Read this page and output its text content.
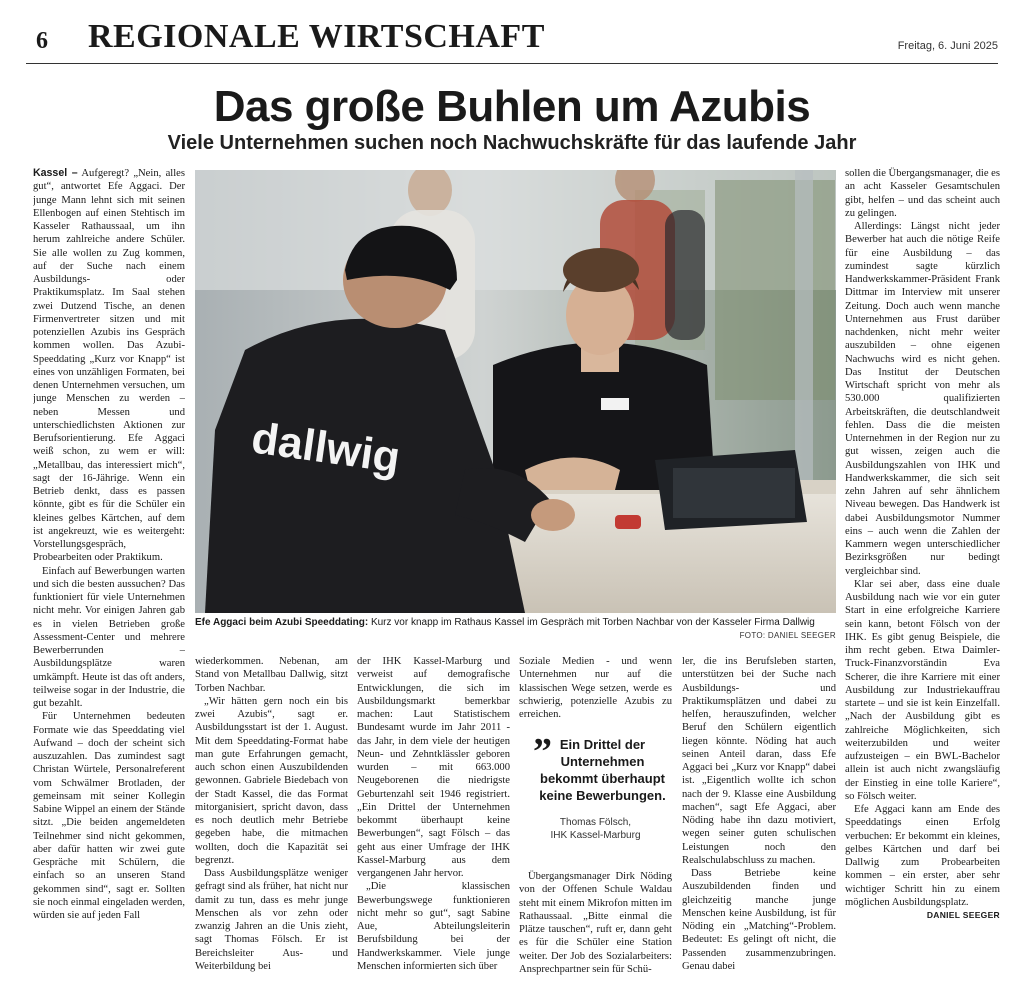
6 REGIONALE WIRTSCHAFT	Freitag, 6. Juni 2025
Das große Buhlen um Azubis
Viele Unternehmen suchen noch Nachwuchskräfte für das laufende Jahr

Kassel – Aufgeregt? „Nein, alles gut“, antwortet Efe Aggaci. Der junge Mann lehnt sich mit seinen Ellenbogen auf einen Stehtisch im Kasseler Rathaussaal, um ihn herum zahlreiche andere Schüler. Sie alle wollen zu Zug kommen, auf der Suche nach einem Ausbildungs- oder Praktikumsplatz. Im Saal stehen zwei Dutzend Tische, an denen Firmenvertreter sitzen und mit potenziellen Azubis ins Gespräch kommen wollen. Das Azubi-Speeddating „Kurz vor Knapp“ ist eines von unzähligen Formaten, bei denen Unternehmen versuchen, um junge Menschen zu werden – neben Messen und unterschiedlichsten Aktionen zur Berufsorientierung. Efe Aggaci weiß schon, zu wem er will: „Metallbau, das interessiert mich“, sagt der 16-Jährige. Wenn ein Betrieb denkt, dass es passen könnte, gibt es für die Schüler ein kleines gelbes Kärtchen, auf dem ist angekreuzt, wie es weitergeht: Vorstellungsgespräch, Probearbeiten oder Praktikum.

Einfach auf Bewerbungen warten und sich die besten aussuchen? Das funktioniert für viele Unternehmen nicht mehr. Vor einigen Jahren gab es in vielen Betrieben große Assessment-Center und mehrere Bewerberrunden – Ausbildungsplätze waren umkämpft. Heute ist das oft anders, teilweise sogar in der Industrie, die gut bezahlt.

Für Unternehmen bedeuten Formate wie das Speeddating viel Aufwand – doch der scheint sich auszuzahlen. Das zumindest sagt Christan Würtele, Personalreferent vom Schwälmer Brotladen, der gemeinsam mit seiner Kollegin Sabine Wippel an einem der Stände sitzt. „Die beiden angemeldeten Teilnehmer sind nicht gekommen, aber dafür hatten wir zwei gute Gespräche mit Schülern, die einfach so an unseren Stand gekommen sind“, sagt er. Sollten sie noch einmal eingeladen werden, würden sie auf jeden Fall

dallwig
Efe Aggaci beim Azubi Speeddating: Kurz vor knapp im Rathaus Kassel im Gespräch mit Torben Nachbar von der Kasseler Firma Dallwig
FOTO: DANIEL SEEGER

wiederkommen. Nebenan, am Stand von Metallbau Dallwig, sitzt Torben Nachbar.

„Wir hätten gern noch ein bis zwei Azubis“, sagt er. Ausbildungsstart ist der 1. August. Mit dem Speeddating-Format habe man gute Erfahrungen gemacht, auch schon einen Auszubildenden gewonnen. Gabriele Biedebach von der Stadt Kassel, die das Format mitorganisiert, spricht davon, dass es noch deutlich mehr Betriebe gegeben habe, die mitmachen wollten, doch die Kapazität sei begrenzt.

Dass Ausbildungsplätze weniger gefragt sind als früher, hat nicht nur damit zu tun, dass es mehr junge Menschen als vor zehn oder zwanzig Jahren an die Unis zieht, sagt Thomas Fölsch. Er ist Bereichsleiter Aus- und Weiterbildung bei

der IHK Kassel-Marburg und verweist auf demografische Entwicklungen, die sich im Ausbildungsmarkt bemerkbar machen: Laut Statistischem Bundesamt wurde im Jahr 2011 - das Jahr, in dem viele der heutigen Neun- und Zehntklässler geboren wurden – mit 663.000 Neugeborenen die niedrigste Geburtenzahl seit 1946 registriert. „Ein Drittel der Unternehmen bekommt überhaupt keine Bewerbungen“, sagt Fölsch – das geht aus einer Umfrage der IHK Kassel-Marburg aus dem vergangenen Jahr hervor.

„Die klassischen Bewerbungswege funktionieren nicht mehr so gut“, sagt Sabine Aue, Abteilungsleiterin Berufsbildung bei der Handwerkskammer. Viele junge Menschen informierten sich über

Soziale Medien - und wenn Unternehmen nur auf die klassischen Wege setzen, werde es schwierig, potenzielle Azubis zu erreichen.

” Ein Drittel der Unternehmen bekommt überhaupt keine Bewerbungen.
Thomas Fölsch,
IHK Kassel-Marburg

Übergangsmanager Dirk Nöding von der Offenen Schule Waldau steht mit einem Mikrofon mitten im Rathaussaal. „Bitte einmal die Plätze tauschen“, ruft er, dann geht es für die Schüler eine Station weiter. Der Job des Sozialarbeiters: Ansprechpartner sein für Schü-

ler, die ins Berufsleben starten, unterstützen bei der Suche nach Ausbildungs- und Praktikumsplätzen und dabei zu helfen, herauszufinden, welcher Beruf den Schülern eigentlich liegen könnte. Nöding hat auch seinen Anteil daran, dass Efe Aggaci bei „Kurz vor Knapp“ dabei ist. „Eigentlich wollte ich schon nach der 9. Klasse eine Ausbildung machen“, sagt Efe Aggaci, aber Nöding habe ihn dazu motiviert, wegen seiner guten schulischen Leistungen noch den Realschulabschluss zu machen.

Dass Betriebe keine Auszubildenden finden und gleichzeitig manche junge Menschen keine Ausbildung, ist für Nöding ein „Matching“-Problem. Bedeutet: Es gelingt oft nicht, die Passenden zusammenzubringen. Genau dabei

sollen die Übergangsmanager, die es an acht Kasseler Gesamtschulen gibt, helfen – und das scheint auch zu gelingen.

Allerdings: Längst nicht jeder Bewerber hat auch die nötige Reife für eine Ausbildung – das zumindest sagte kürzlich Handwerkskammer-Präsident Frank Dittmar im Interview mit unserer Zeitung. Doch auch wenn manche Unternehmen aus Frust darüber nachdenken, nicht mehr weiter auszubilden – ohne eigenen Nachwuchs wird es nicht gehen. Das Institut der Deutschen Wirtschaft spricht von mehr als 530.000 qualifizierten Arbeitskräften, die deutschlandweit fehlen. Dass die die meisten Unternehmen in der Region nur zu gut wissen, zeigen auch die Ausbildungszahlen von IHK und Handwerkskammer, die sich seit zehn Jahren auf sehr ähnlichem Niveau bewegen. Das Handwerk ist dabei Ausbildungsmotor Nummer eins – auch wenn die Zahlen der Kammern wegen unterschiedlicher Bezirksgrößen nur bedingt vergleichbar sind.

Klar sei aber, dass eine duale Ausbildung nach wie vor ein guter Start in eine erfolgreiche Karriere sein kann, betont Fölsch von der IHK. Es gibt genug Beispiele, die ihm recht geben. Etwa Daimler-Truck-Finanzvorständin Eva Scherer, die ihre Karriere mit einer Ausbildung zur Industriekauffrau startete – und sie ist kein Einzelfall. „Nach der Ausbildung gibt es zahlreiche Möglichkeiten, sich weiterzubilden und weiter aufzusteigen – ein BWL-Bachelor allein ist auch nicht zwangsläufig der Einstieg in eine tolle Kariere“, so Fölsch weiter.

Efe Aggaci kann am Ende des Speeddatings einen Erfolg verbuchen: Er bekommt ein kleines, gelbes Kärtchen und darf bei Dallwig zum Probearbeiten kommen – ein erster, aber sehr wichtiger Schritt hin zu einem möglichen Ausbildungsplatz.
DANIEL SEEGER
